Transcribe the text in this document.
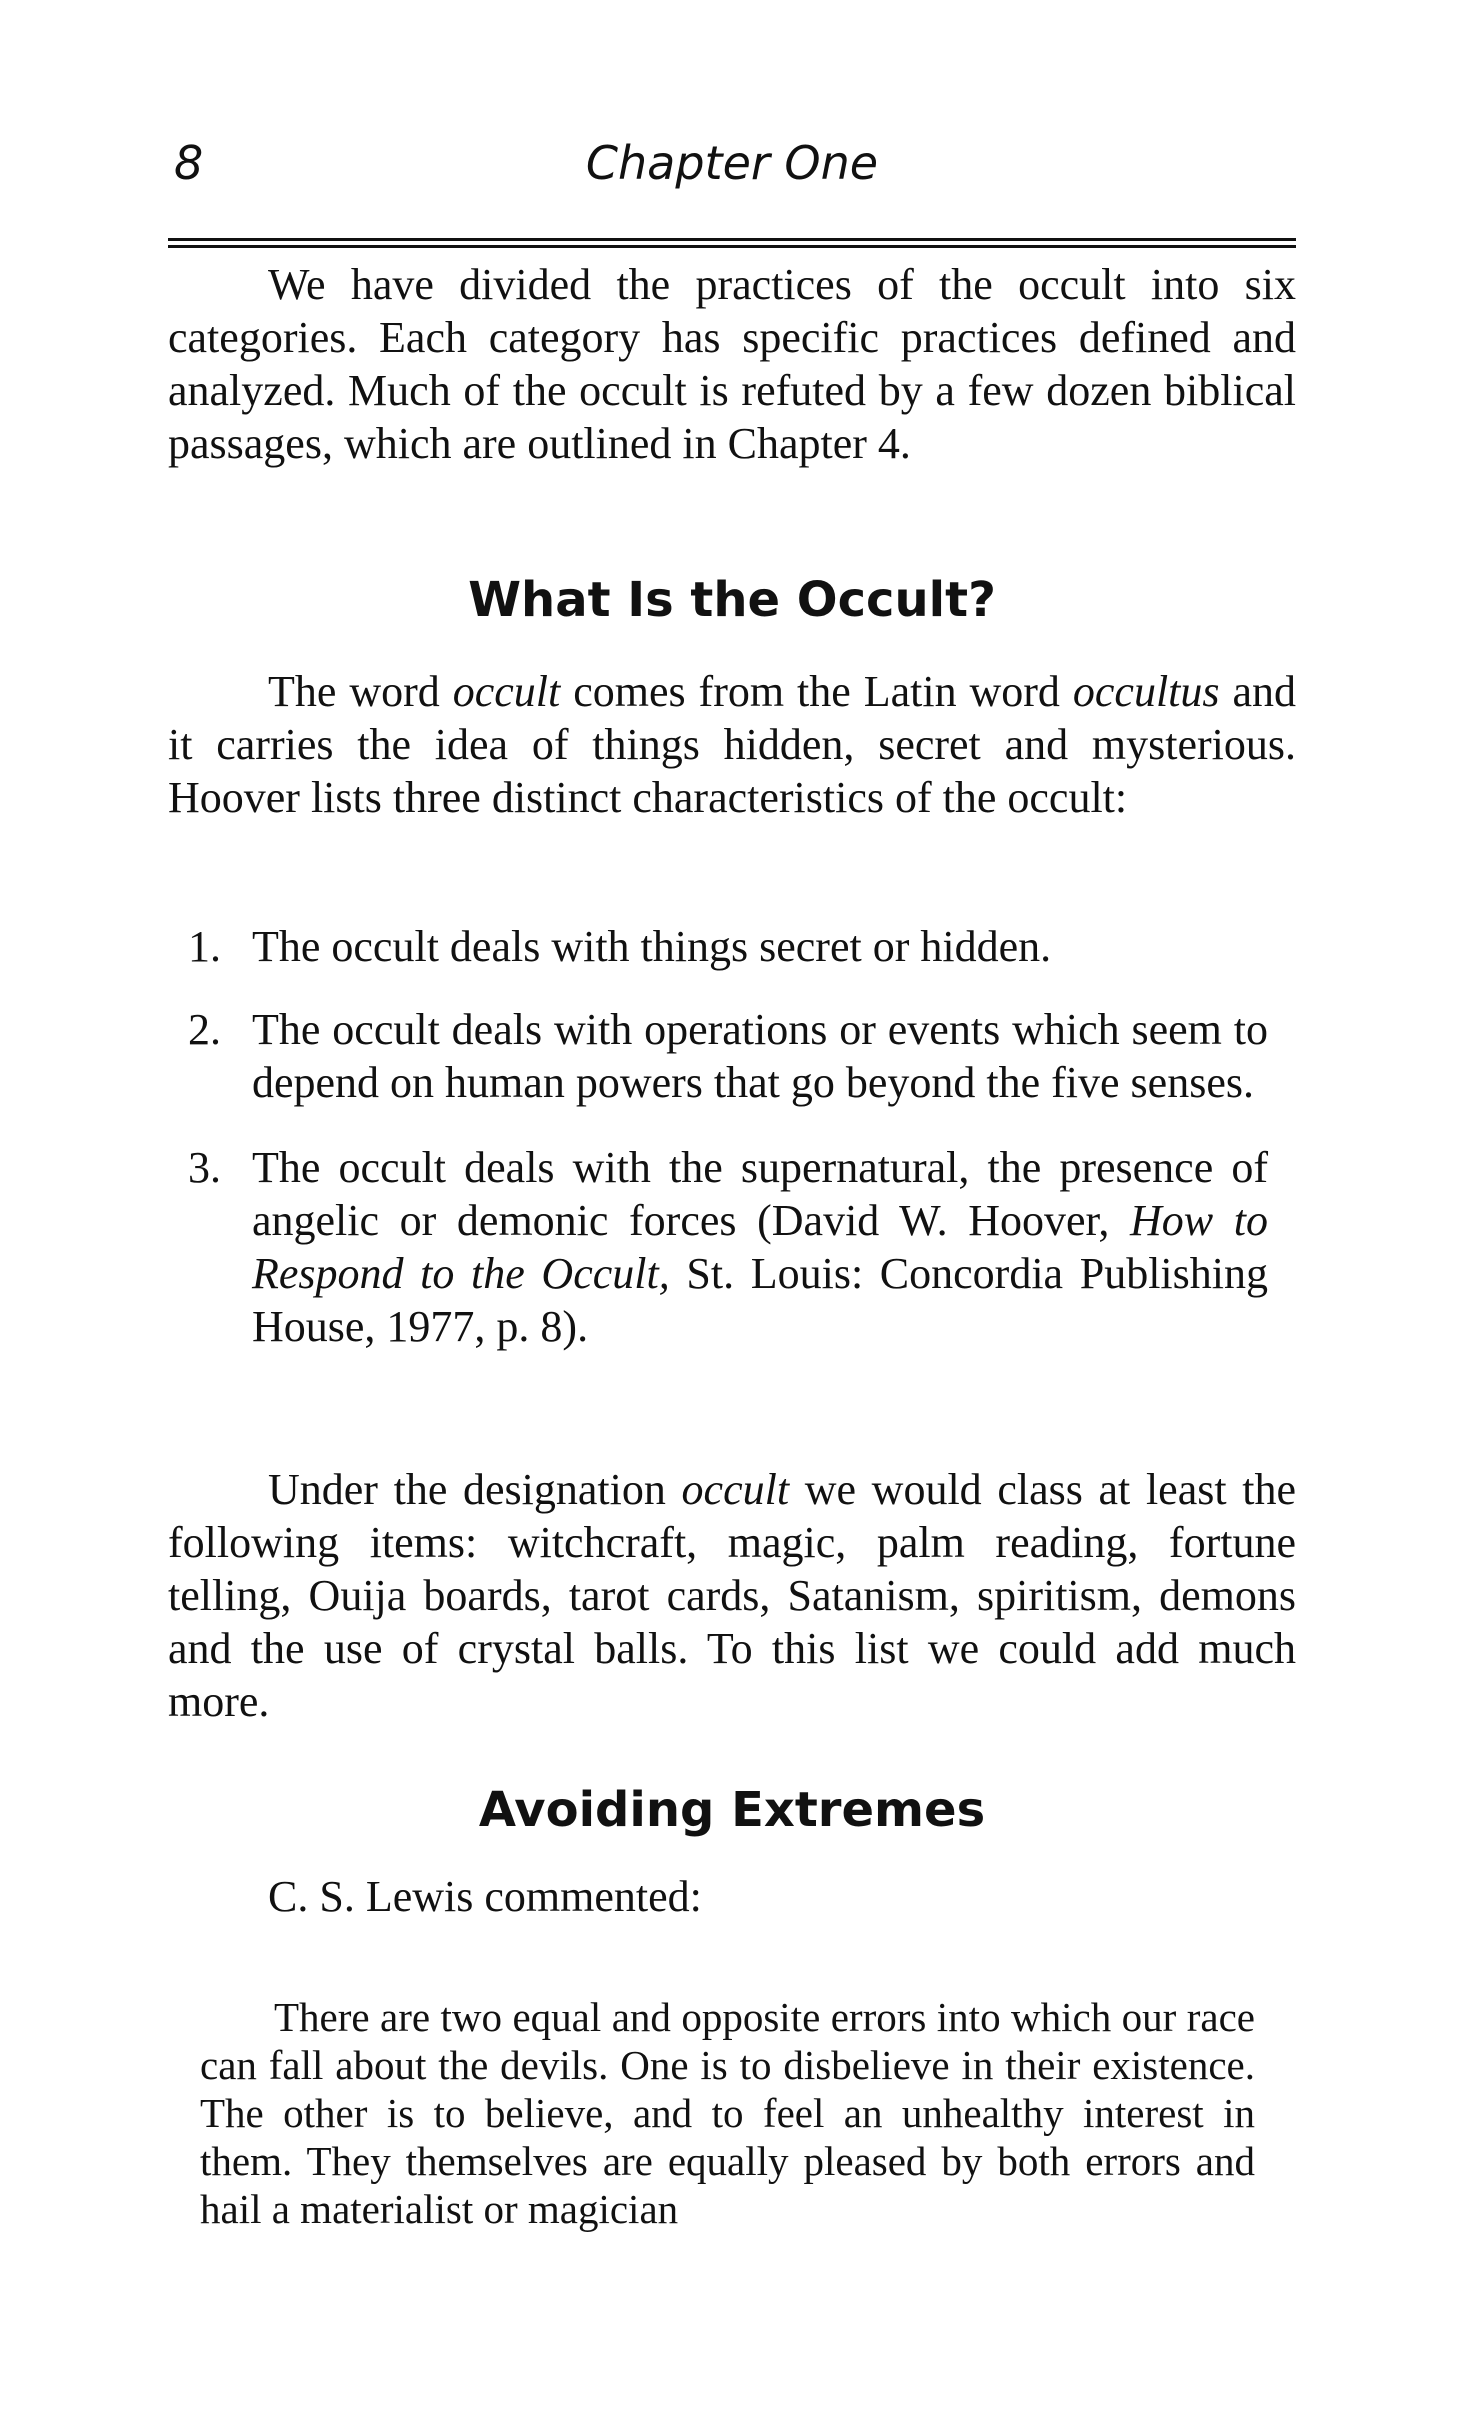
8	Chapter One

We have divided the practices of the occult into six categories. Each category has specific practices defined and analyzed. Much of the occult is refuted by a few dozen biblical passages, which are outlined in Chapter 4.

What Is the Occult?

The word occult comes from the Latin word occultus and it carries the idea of things hidden, secret and mysterious. Hoover lists three distinct characteristics of the occult:

1. The occult deals with things secret or hidden.
2. The occult deals with operations or events which seem to depend on human powers that go beyond the five senses.
3. The occult deals with the supernatural, the presence of angelic or demonic forces (David W. Hoover, How to Respond to the Occult, St. Louis: Concordia Publishing House, 1977, p. 8).

Under the designation occult we would class at least the following items: witchcraft, magic, palm reading, fortune telling, Ouija boards, tarot cards, Satanism, spiritism, demons and the use of crystal balls. To this list we could add much more.

Avoiding Extremes

C. S. Lewis commented:

There are two equal and opposite errors into which our race can fall about the devils. One is to disbelieve in their existence. The other is to believe, and to feel an unhealthy interest in them. They themselves are equally pleased by both errors and hail a materialist or magician
